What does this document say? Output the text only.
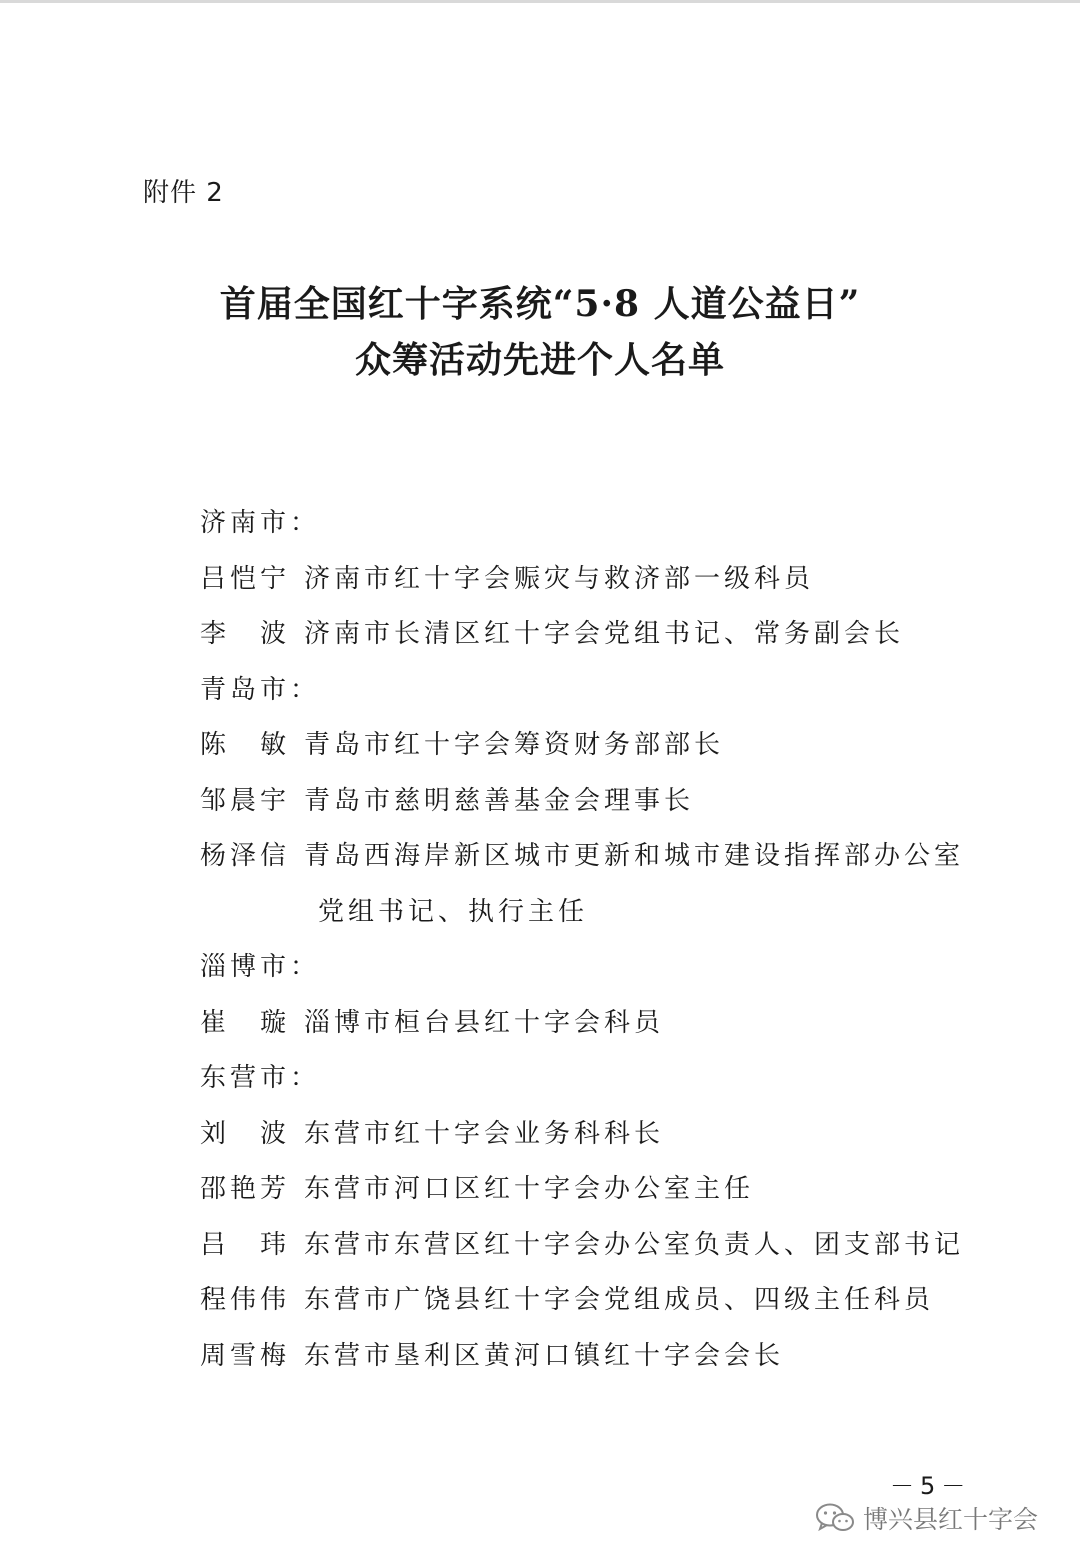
附件 2
首届全国红十字系统“5·8 人道公益日”
众筹活动先进个人名单
济南市：
吕恺宁 济南市红十字会赈灾与救济部一级科员
李　波 济南市长清区红十字会党组书记、常务副会长
青岛市：
陈　敏 青岛市红十字会筹资财务部部长
邹晨宇 青岛市慈明慈善基金会理事长
杨泽信 青岛西海岸新区城市更新和城市建设指挥部办公室
党组书记、执行主任
淄博市：
崔　璇 淄博市桓台县红十字会科员
东营市：
刘　波 东营市红十字会业务科科长
邵艳芳 东营市河口区红十字会办公室主任
吕　玮 东营市东营区红十字会办公室负责人、团支部书记
程伟伟 东营市广饶县红十字会党组成员、四级主任科员
周雪梅 东营市垦利区黄河口镇红十字会会长
－5－
博兴县红十字会
